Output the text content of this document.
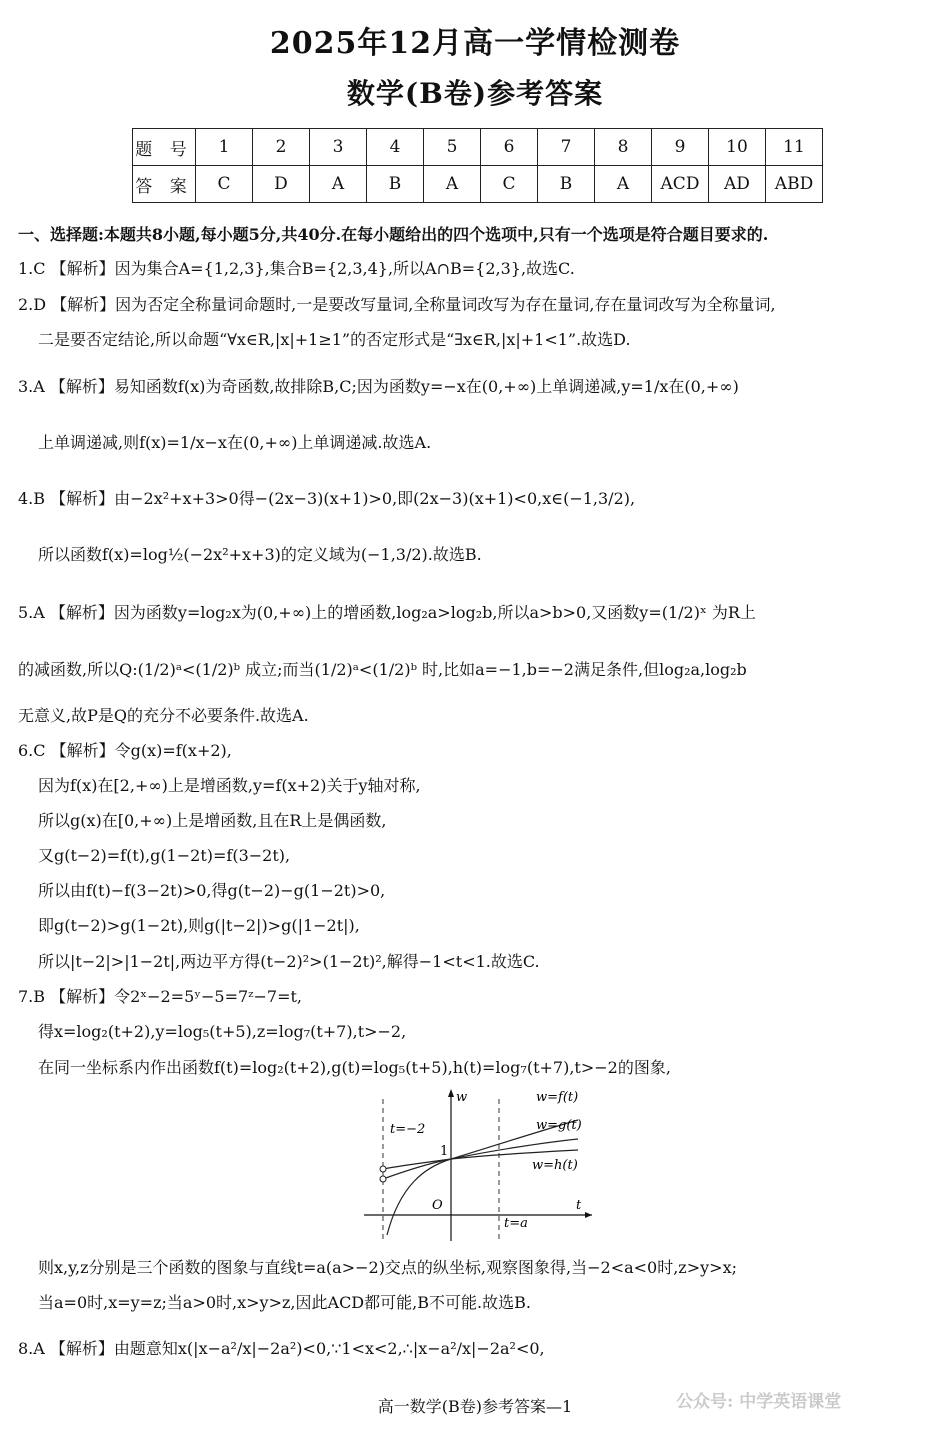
2025年12月高一学情检测卷
数学(B卷)参考答案
题 号	1	2	3	4	5	6	7	8	9	10	11
答 案	C	D	A	B	A	C	B	A	ACD	AD	ABD
一、选择题:本题共8小题,每小题5分,共40分.在每小题给出的四个选项中,只有一个选项是符合题目要求的.
1.C 【解析】因为集合A={1,2,3},集合B={2,3,4},所以A∩B={2,3},故选C.
2.D 【解析】因为否定全称量词命题时,一是要改写量词,全称量词改写为存在量词,存在量词改写为全称量词,
二是要否定结论,所以命题“∀x∈R,|x|+1≥1”的否定形式是“∃x∈R,|x|+1<1”.故选D.
3.A 【解析】易知函数f(x)为奇函数,故排除B,C;因为函数y=−x在(0,+∞)上单调递减,y=1/x在(0,+∞)
上单调递减,则f(x)=1/x−x在(0,+∞)上单调递减.故选A.
4.B 【解析】由−2x²+x+3>0得−(2x−3)(x+1)>0,即(2x−3)(x+1)<0,x∈(−1,3/2),
所以函数f(x)=log½(−2x²+x+3)的定义域为(−1,3/2).故选B.
5.A 【解析】因为函数y=log₂x为(0,+∞)上的增函数,log₂a>log₂b,所以a>b>0,又函数y=(1/2)ˣ 为R上
的减函数,所以Q:(1/2)ᵃ<(1/2)ᵇ 成立;而当(1/2)ᵃ<(1/2)ᵇ 时,比如a=−1,b=−2满足条件,但log₂a,log₂b
无意义,故P是Q的充分不必要条件.故选A.
6.C 【解析】令g(x)=f(x+2),
因为f(x)在[2,+∞)上是增函数,y=f(x+2)关于y轴对称,
所以g(x)在[0,+∞)上是增函数,且在R上是偶函数,
又g(t−2)=f(t),g(1−2t)=f(3−2t),
所以由f(t)−f(3−2t)>0,得g(t−2)−g(1−2t)>0,
即g(t−2)>g(1−2t),则g(|t−2|)>g(|1−2t|),
所以|t−2|>|1−2t|,两边平方得(t−2)²>(1−2t)²,解得−1<t<1.故选C.
7.B 【解析】令2ˣ−2=5ʸ−5=7ᶻ−7=t,
得x=log₂(t+2),y=log₅(t+5),z=log₇(t+7),t>−2,
在同一坐标系内作出函数f(t)=log₂(t+2),g(t)=log₅(t+5),h(t)=log₇(t+7),t>−2的图象,
w
t=−2
1
O	t
t=a
w=f(t)
w=g(t)
w=h(t)
则x,y,z分别是三个函数的图象与直线t=a(a>−2)交点的纵坐标,观察图象得,当−2<a<0时,z>y>x;
当a=0时,x=y=z;当a>0时,x>y>z,因此ACD都可能,B不可能.故选B.
8.A 【解析】由题意知x(|x−a²/x|−2a²)<0,∵1<x<2,∴|x−a²/x|−2a²<0,
高一数学(B卷)参考答案—1	公众号: 中学英语课堂
